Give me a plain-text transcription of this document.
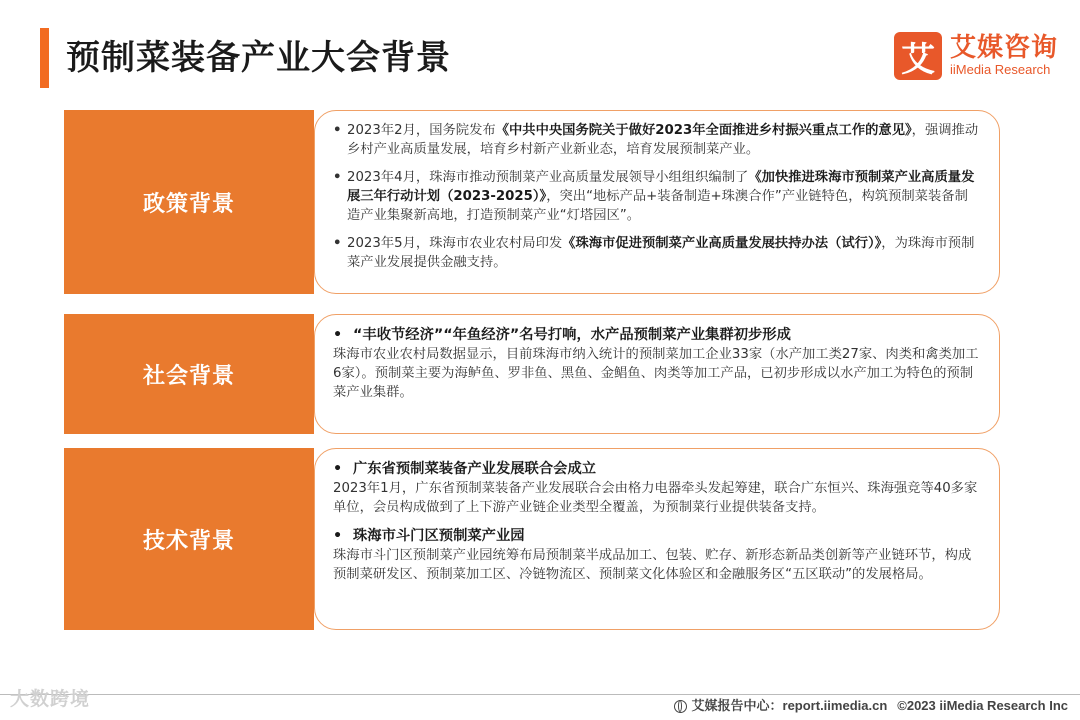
预制菜装备产业大会背景	艾 艾媒咨询
iiMedia Research
政策背景
• 2023年2月，国务院发布《中共中央国务院关于做好2023年全面推进乡村振兴重点工作的意见》，强调推动乡村产业高质量发展，培育乡村新产业新业态，培育发展预制菜产业。
• 2023年4月，珠海市推动预制菜产业高质量发展领导小组组织编制了《加快推进珠海市预制菜产业高质量发展三年行动计划（2023-2025）》，突出“地标产品+装备制造+珠澳合作”产业链特色，构筑预制菜装备制造产业集聚新高地，打造预制菜产业“灯塔园区”。
• 2023年5月，珠海市农业农村局印发《珠海市促进预制菜产业高质量发展扶持办法（试行）》，为珠海市预制菜产业发展提供金融支持。
社会背景
• “丰收节经济”“年鱼经济”名号打响，水产品预制菜产业集群初步形成
珠海市农业农村局数据显示，目前珠海市纳入统计的预制菜加工企业33家（水产加工类27家、肉类和禽类加工6家）。预制菜主要为海鲈鱼、罗非鱼、黑鱼、金鲳鱼、肉类等加工产品，已初步形成以水产加工为特色的预制菜产业集群。
技术背景
• 广东省预制菜装备产业发展联合会成立
2023年1月，广东省预制菜装备产业发展联合会由格力电器牵头发起筹建，联合广东恒兴、珠海强竞等40多家单位，会员构成做到了上下游产业链企业类型全覆盖，为预制菜行业提供装备支持。
• 珠海市斗门区预制菜产业园
珠海市斗门区预制菜产业园统筹布局预制菜半成品加工、包装、贮存、新形态新品类创新等产业链环节，构成预制菜研发区、预制菜加工区、冷链物流区、预制菜文化体验区和金融服务区“五区联动”的发展格局。
大数跨境	艾媒报告中心：report.iimedia.cn ©2023 iiMedia Research Inc
